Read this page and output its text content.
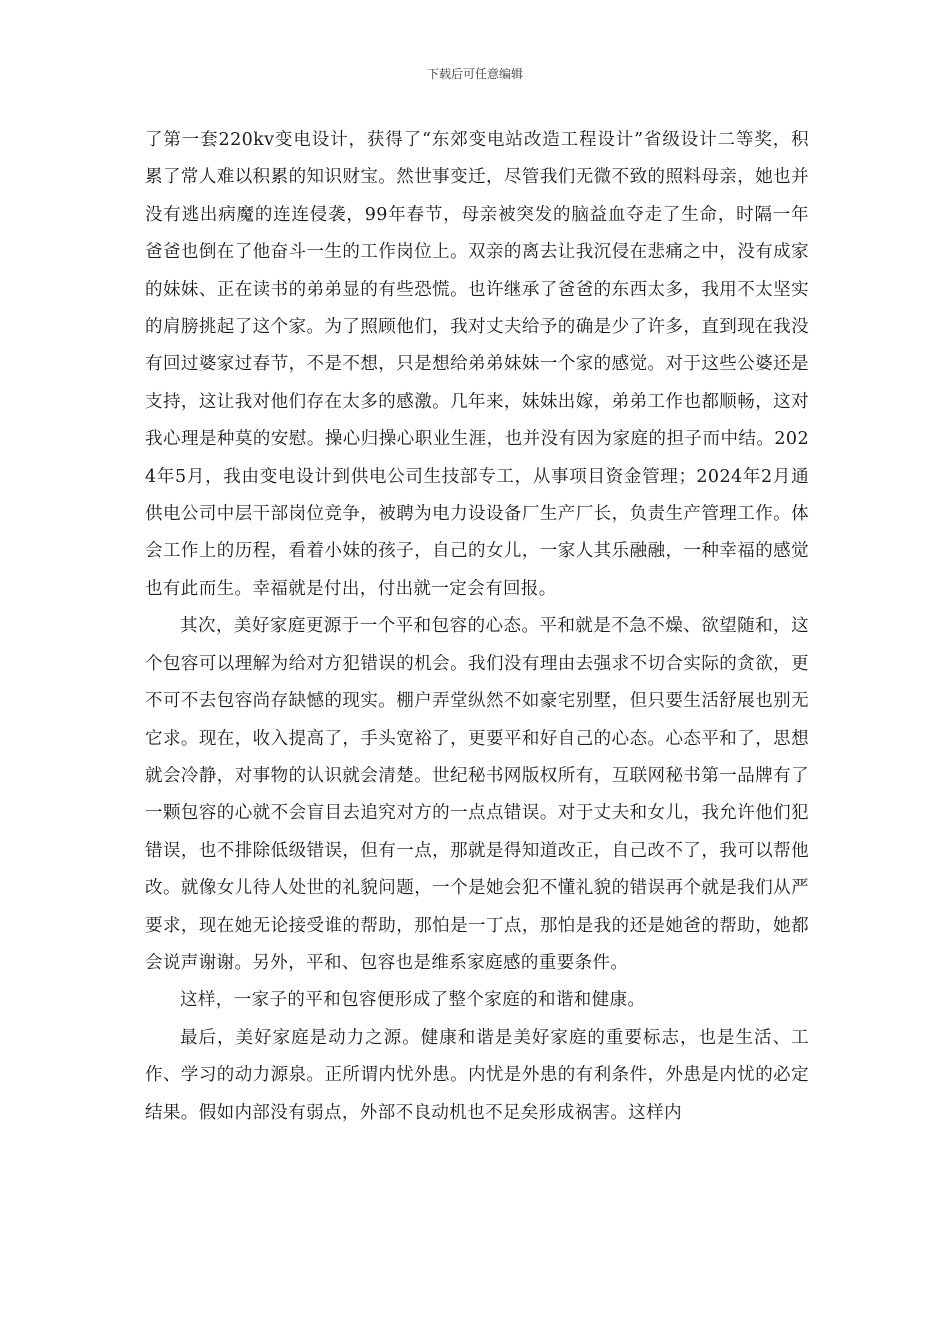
下载后可任意编辑

了第一套220kv变电设计，获得了“东郊变电站改造工程设计”省级设计二等奖，积累了常人难以积累的知识财宝。然世事变迁，尽管我们无微不致的照料母亲，她也并没有逃出病魔的连连侵袭，99年春节，母亲被突发的脑益血夺走了生命，时隔一年爸爸也倒在了他奋斗一生的工作岗位上。双亲的离去让我沉侵在悲痛之中，没有成家的妹妹、正在读书的弟弟显的有些恐慌。也许继承了爸爸的东西太多，我用不太坚实的肩膀挑起了这个家。为了照顾他们，我对丈夫给予的确是少了许多，直到现在我没有回过婆家过春节，不是不想，只是想给弟弟妹妹一个家的感觉。对于这些公婆还是支持，这让我对他们存在太多的感激。几年来，妹妹出嫁，弟弟工作也都顺畅，这对我心理是种莫的安慰。操心归操心职业生涯，也并没有因为家庭的担子而中结。2024年5月，我由变电设计到供电公司生技部专工，从事项目资金管理；2024年2月通供电公司中层干部岗位竞争，被聘为电力设设备厂生产厂长，负责生产管理工作。体会工作上的历程，看着小妹的孩子，自己的女儿，一家人其乐融融，一种幸福的感觉也有此而生。幸福就是付出，付出就一定会有回报。

其次，美好家庭更源于一个平和包容的心态。平和就是不急不燥、欲望随和，这个包容可以理解为给对方犯错误的机会。我们没有理由去强求不切合实际的贪欲，更不可不去包容尚存缺憾的现实。棚户弄堂纵然不如豪宅别墅，但只要生活舒展也别无它求。现在，收入提高了，手头宽裕了，更要平和好自己的心态。心态平和了，思想就会冷静，对事物的认识就会清楚。世纪秘书网版权所有，互联网秘书第一品牌有了一颗包容的心就不会盲目去追究对方的一点点错误。对于丈夫和女儿，我允许他们犯错误，也不排除低级错误，但有一点，那就是得知道改正，自己改不了，我可以帮他改。就像女儿待人处世的礼貌问题，一个是她会犯不懂礼貌的错误再个就是我们从严要求，现在她无论接受谁的帮助，那怕是一丁点，那怕是我的还是她爸的帮助，她都会说声谢谢。另外，平和、包容也是维系家庭感的重要条件。

这样，一家子的平和包容便形成了整个家庭的和谐和健康。

最后，美好家庭是动力之源。健康和谐是美好家庭的重要标志，也是生活、工作、学习的动力源泉。正所谓内忧外患。内忧是外患的有利条件，外患是内忧的必定结果。假如内部没有弱点，外部不良动机也不足矣形成祸害。这样内
